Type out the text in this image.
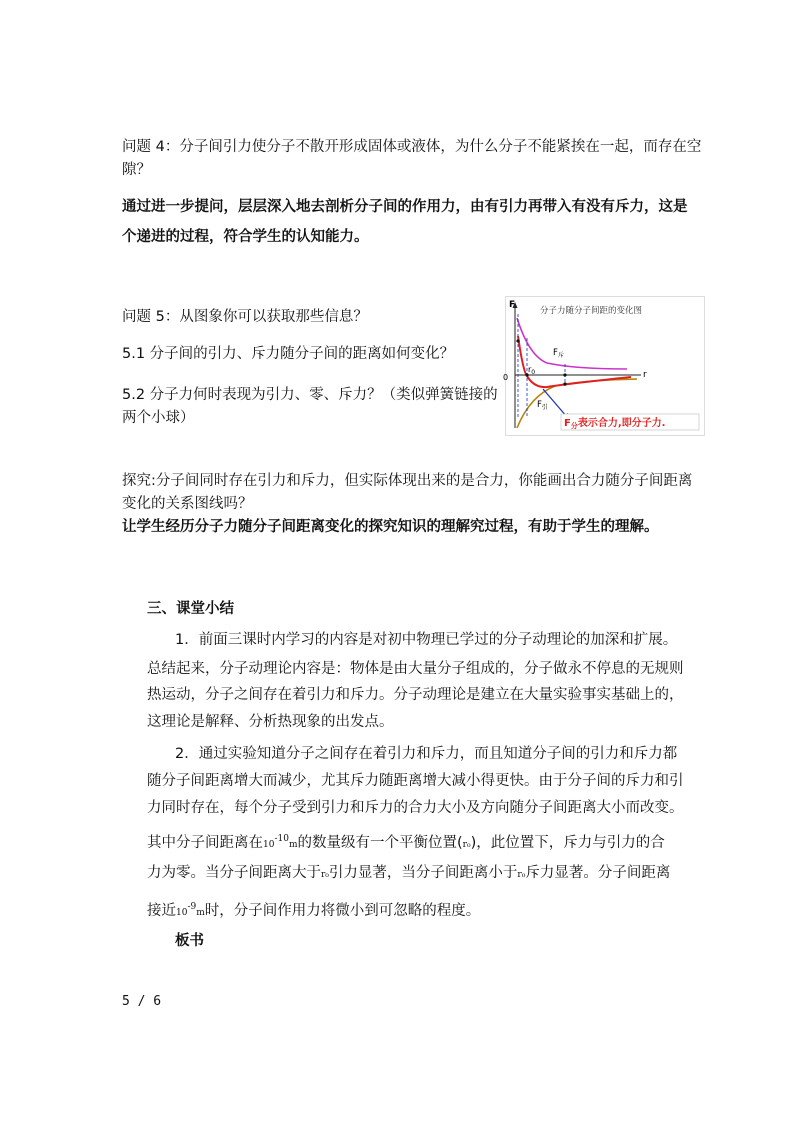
问题 4：分子间引力使分子不散开形成固体或液体，为什么分子不能紧挨在一起，而存在空

隙？

通过进一步提问，层层深入地去剖析分子间的作用力，由有引力再带入有没有斥力，这是

个递进的过程，符合学生的认知能力。

问题 5：从图象你可以获取那些信息？

5.1 分子间的引力、斥力随分子间的距离如何变化？

5.2 分子力何时表现为引力、零、斥力？（类似弹簧链接的

两个小球）

分子力随分子间距的变化图
F
r
0
$r_0$
$F_斥$
$F_引$
$F_分$表示合力,即分子力.

探究:分子间同时存在引力和斥力，但实际体现出来的是合力，你能画出合力随分子间距离

变化的关系图线吗？

让学生经历分子力随分子间距离变化的探究知识的理解究过程，有助于学生的理解。

三、课堂小结

1．前面三课时内学习的内容是对初中物理已学过的分子动理论的加深和扩展。

总结起来，分子动理论内容是：物体是由大量分子组成的，分子做永不停息的无规则

热运动，分子之间存在着引力和斥力。分子动理论是建立在大量实验事实基础上的，

这理论是解释、分析热现象的出发点。

2．通过实验知道分子之间存在着引力和斥力，而且知道分子间的引力和斥力都

随分子间距离增大而减少，尤其斥力随距离增大减小得更快。由于分子间的斥力和引

力同时存在，每个分子受到引力和斥力的合力大小及方向随分子间距离大小而改变。

其中分子间距离在$10^{-10}m$的数量级有一个平衡位置(r₀)，此位置下，斥力与引力的合

力为零。当分子间距离大于r₀引力显著，当分子间距离小于r₀斥力显著。分子间距离

接近$10^{-9}m$时，分子间作用力将微小到可忽略的程度。

板书

5 / 6
